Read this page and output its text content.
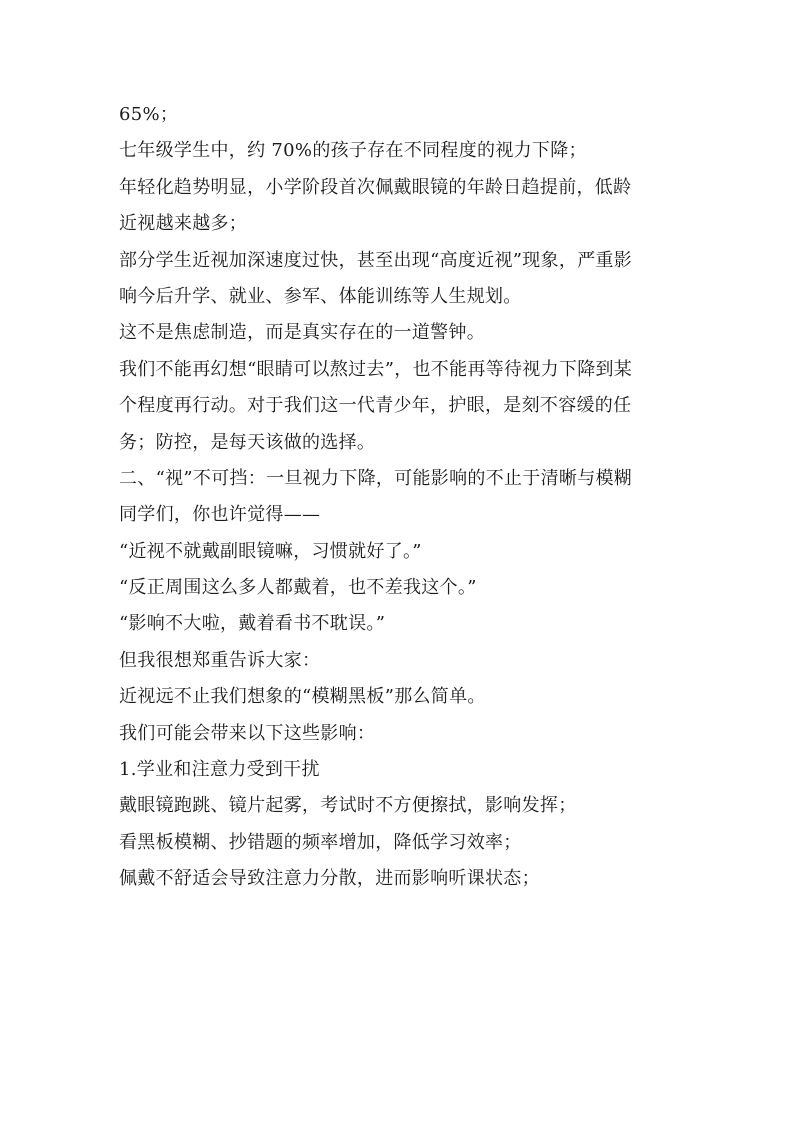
65%；
七年级学生中，约 70%的孩子存在不同程度的视力下降；
年轻化趋势明显，小学阶段首次佩戴眼镜的年龄日趋提前，低龄
近视越来越多；
部分学生近视加深速度过快，甚至出现“高度近视”现象，严重影
响今后升学、就业、参军、体能训练等人生规划。
这不是焦虑制造，而是真实存在的一道警钟。
我们不能再幻想“眼睛可以熬过去”，也不能再等待视力下降到某
个程度再行动。对于我们这一代青少年，护眼，是刻不容缓的任
务；防控，是每天该做的选择。
二、“视”不可挡：一旦视力下降，可能影响的不止于清晰与模糊
同学们，你也许觉得——
“近视不就戴副眼镜嘛，习惯就好了。”
“反正周围这么多人都戴着，也不差我这个。”
“影响不大啦，戴着看书不耽误。”
但我很想郑重告诉大家：
近视远不止我们想象的“模糊黑板”那么简单。
我们可能会带来以下这些影响：
1.学业和注意力受到干扰
戴眼镜跑跳、镜片起雾，考试时不方便擦拭，影响发挥；
看黑板模糊、抄错题的频率增加，降低学习效率；
佩戴不舒适会导致注意力分散，进而影响听课状态；
